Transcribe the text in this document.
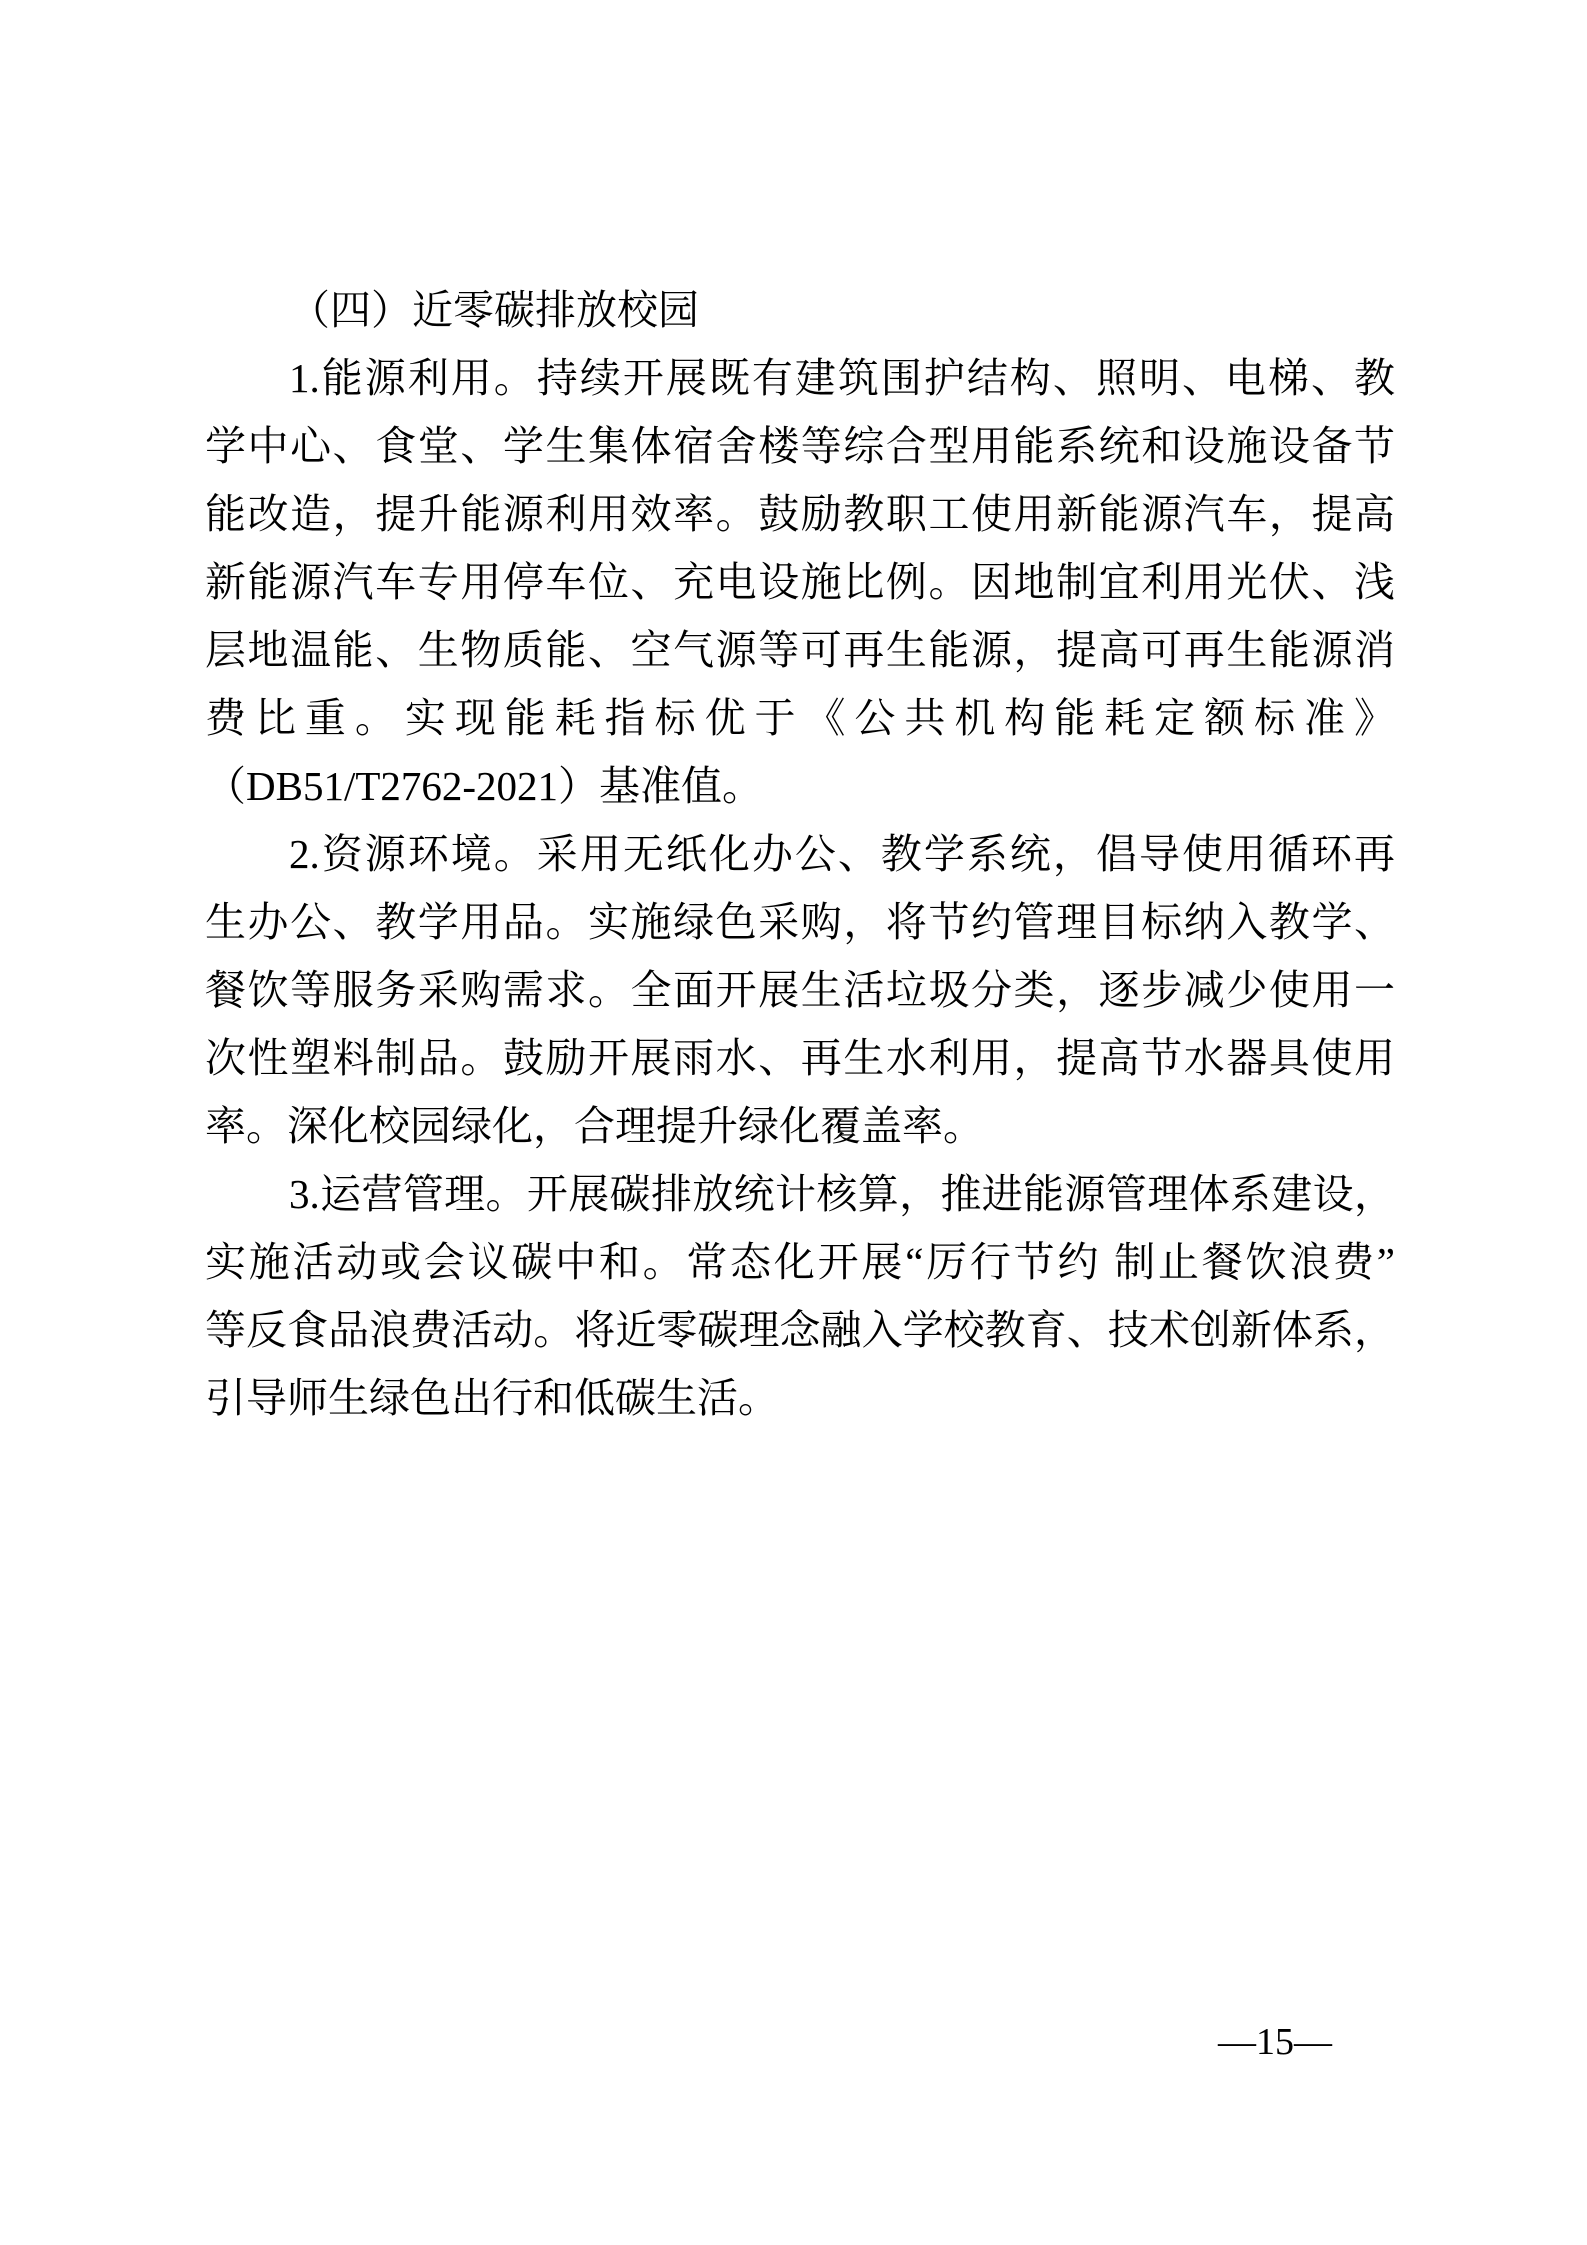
（四）近零碳排放校园
1.能源利用。持续开展既有建筑围护结构、照明、电梯、教
学中心、食堂、学生集体宿舍楼等综合型用能系统和设施设备节
能改造，提升能源利用效率。鼓励教职工使用新能源汽车，提高
新能源汽车专用停车位、充电设施比例。因地制宜利用光伏、浅
层地温能、生物质能、空气源等可再生能源，提高可再生能源消
费比重。实现能耗指标优于《公共机构能耗定额标准》
（DB51/T2762-2021）基准值。
2.资源环境。采用无纸化办公、教学系统，倡导使用循环再
生办公、教学用品。实施绿色采购，将节约管理目标纳入教学、
餐饮等服务采购需求。全面开展生活垃圾分类，逐步减少使用一
次性塑料制品。鼓励开展雨水、再生水利用，提高节水器具使用
率。深化校园绿化，合理提升绿化覆盖率。
3.运营管理。开展碳排放统计核算，推进能源管理体系建设，
实施活动或会议碳中和。常态化开展“厉行节约 制止餐饮浪费”
等反食品浪费活动。将近零碳理念融入学校教育、技术创新体系，
引导师生绿色出行和低碳生活。
—15—
